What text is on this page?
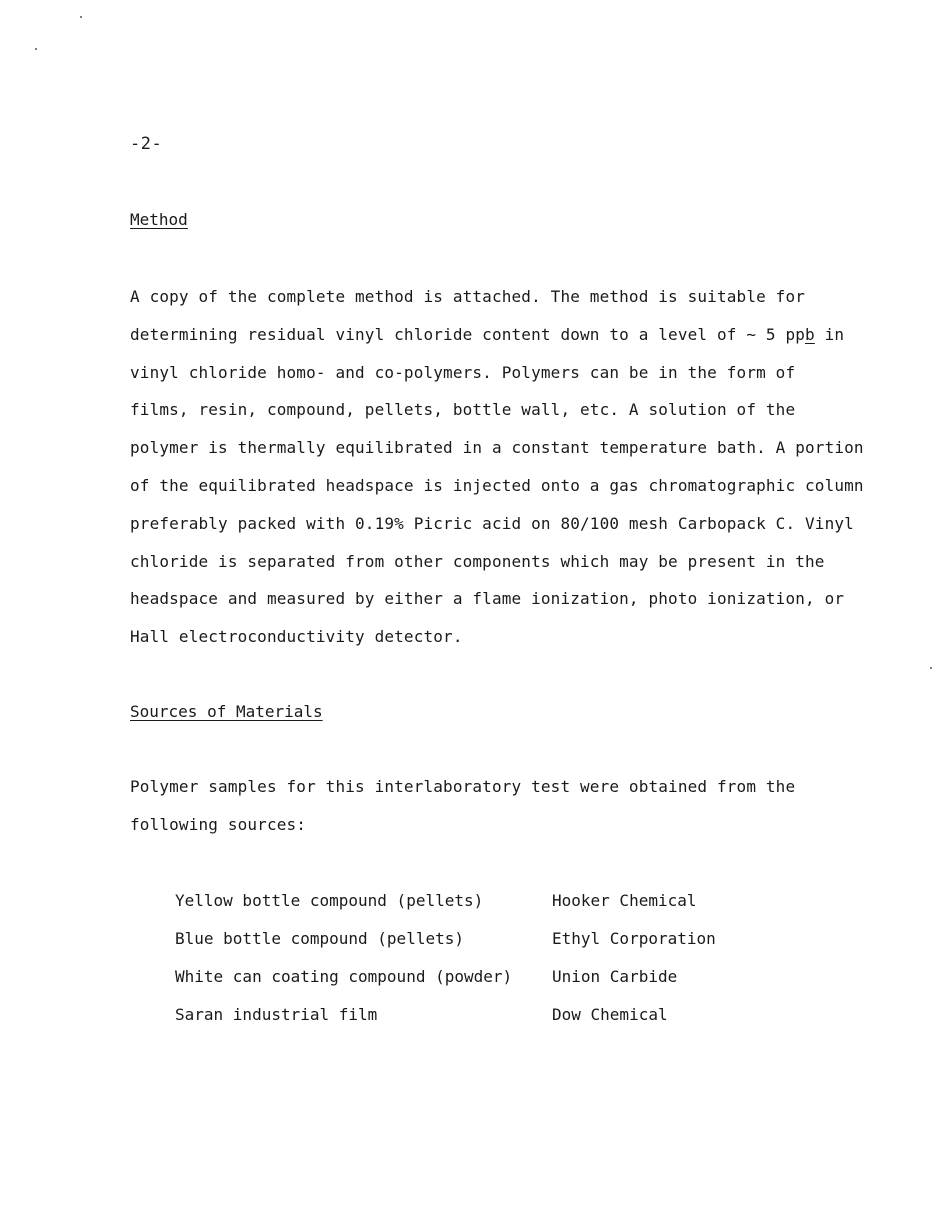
-2-
Method
A copy of the complete method is attached. The method is suitable for
determining residual vinyl chloride content down to a level of ∼ 5 ppb in
vinyl chloride homo- and co-polymers. Polymers can be in the form of
films, resin, compound, pellets, bottle wall, etc. A solution of the
polymer is thermally equilibrated in a constant temperature bath. A portion
of the equilibrated headspace is injected onto a gas chromatographic column
preferably packed with 0.19% Picric acid on 80/100 mesh Carbopack C. Vinyl
chloride is separated from other components which may be present in the
headspace and measured by either a flame ionization, photo ionization, or
Hall electroconductivity detector.
Sources of Materials
Polymer samples for this interlaboratory test were obtained from the
following sources:
Yellow bottle compound (pellets)	Hooker Chemical
Blue bottle compound (pellets)	Ethyl Corporation
White can coating compound (powder) Union Carbide
Saran industrial film	Dow Chemical
